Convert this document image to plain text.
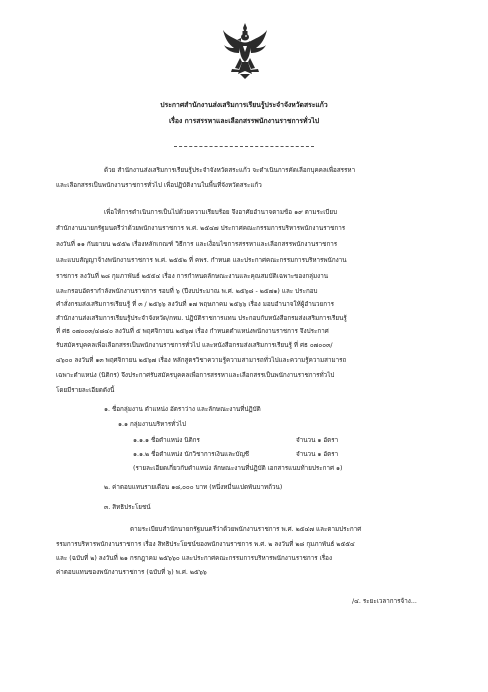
ประกาศสำนักงานส่งเสริมการเรียนรู้ประจำจังหวัดสระแก้ว
เรื่อง การสรรหาและเลือกสรรพนักงานราชการทั่วไป
ด้วย สำนักงานส่งเสริมการเรียนรู้ประจำจังหวัดสระแก้ว จะดำเนินการคัดเลือกบุคคลเพื่อสรรหา
และเลือกสรรเป็นพนักงานราชการทั่วไป เพื่อปฏิบัติงานในพื้นที่จังหวัดสระแก้ว
เพื่อให้การดำเนินการเป็นไปด้วยความเรียบร้อย จึงอาศัยอำนาจตามข้อ ๑๙ ตามระเบียบ
สำนักงานนายกรัฐมนตรีว่าด้วยพนักงานราชการ พ.ศ. ๒๕๔๗ ประกาศคณะกรรมการบริหารพนักงานราชการ
ลงวันที่ ๑๑ กันยายน ๒๕๕๒ เรื่องหลักเกณฑ์ วิธีการ และเงื่อนไขการสรรหาและเลือกสรรพนักงานราชการ
และแบบสัญญาจ้างพนักงานราชการ พ.ศ. ๒๕๕๒ ที่ คพร. กำหนด และประกาศคณะกรรมการบริหารพนักงาน
ราชการ ลงวันที่ ๒๘ กุมภาพันธ์ ๒๕๕๔ เรื่อง การกำหนดลักษณะงานและคุณสมบัติเฉพาะของกลุ่มงาน
และกรอบอัตรากำลังพนักงานราชการ รอบที่ ๖ (ปีงบประมาณ พ.ศ. ๒๕๖๘ - ๒๕๗๑) และ ประกอบ
คำสั่งกรมส่งเสริมการเรียนรู้ ที่ ๓ / ๒๕๖๖ ลงวันที่ ๑๗ พฤษภาคม ๒๕๖๖ เรื่อง มอบอำนาจให้ผู้อำนวยการ
สำนักงานส่งเสริมการเรียนรู้ประจำจังหวัด/กทม. ปฏิบัติราชการแทน ประกอบกับหนังสือกรมส่งเสริมการเรียนรู้
ที่ ศธ ๐๗๐๐๓/๔๘๔๐ ลงวันที่ ๕ พฤศจิกายน ๒๕๖๗ เรื่อง กำหนดตำแหน่งพนักงานราชการ จึงประกาศ
รับสมัครบุคคลเพื่อเลือกสรรเป็นพนักงานราชการทั่วไป และหนังสือกรมส่งเสริมการเรียนรู้ ที่ ศธ ๐๗๐๐๓/
๔๖๐๐ ลงวันที่ ๑๓ พฤศจิกายน ๒๕๖๗ เรื่อง หลักสูตรวิชาความรู้ความสามารถทั่วไปและความรู้ความสามารถ
เฉพาะตำแหน่ง (นิติกร) จึงประกาศรับสมัครบุคคลเพื่อการสรรหาและเลือกสรรเป็นพนักงานราชการทั่วไป
โดยมีรายละเอียดดังนี้
๑. ชื่อกลุ่มงาน ตำแหน่ง อัตราว่าง และลักษณะงานที่ปฏิบัติ
๑.๑ กลุ่มงานบริหารทั่วไป
๑.๑.๑ ชื่อตำแหน่ง นิติกร	จำนวน ๑ อัตรา
๑.๑.๒ ชื่อตำแหน่ง นักวิชาการเงินและบัญชี	จำนวน ๑ อัตรา
(รายละเอียดเกี่ยวกับตำแหน่ง ลักษณะงานที่ปฏิบัติ เอกสารแนบท้ายประกาศ ๑)
๒. ค่าตอบแทนรายเดือน ๑๘,๐๐๐ บาท (หนึ่งหมื่นแปดพันบาทถ้วน)
๓. สิทธิประโยชน์
ตามระเบียบสำนักนายกรัฐมนตรีว่าด้วยพนักงานราชการ พ.ศ. ๒๕๔๗ และตามประกาศ
รรมการบริหารพนักงานราชการ เรื่อง สิทธิประโยชน์ของพนักงานราชการ พ.ศ. ๒ ลงวันที่ ๒๘ กุมภาพันธ์ ๒๕๕๔
และ (ฉบับที่ ๒) ลงวันที่ ๒๑ กรกฎาคม ๒๕๖๖๐ และประกาศคณะกรรมการบริหารพนักงานราชการ เรื่อง
ค่าตอบแทนของพนักงานราชการ (ฉบับที่ ๖) พ.ศ. ๒๕๖๖
/๔. ระยะเวลาการจ้าง...
